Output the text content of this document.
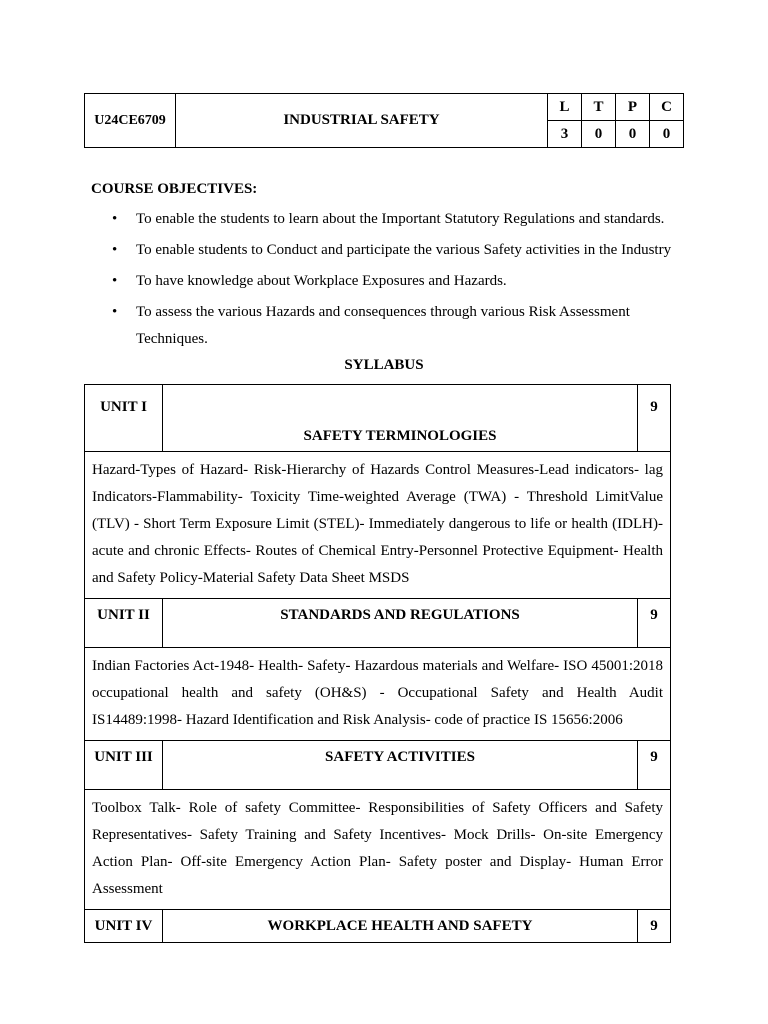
U24CE6709	INDUSTRIAL SAFETY	L	T	P	C
		3	0	0	0
COURSE OBJECTIVES:
• To enable the students to learn about the Important Statutory Regulations and standards.
• To enable students to Conduct and participate the various Safety activities in the Industry
• To have knowledge about Workplace Exposures and Hazards.
• To assess the various Hazards and consequences through various Risk Assessment Techniques.
SYLLABUS
UNIT I	SAFETY TERMINOLOGIES	9
Hazard-Types of Hazard- Risk-Hierarchy of Hazards Control Measures-Lead indicators- lag Indicators-Flammability- Toxicity Time-weighted Average (TWA) - Threshold LimitValue (TLV) - Short Term Exposure Limit (STEL)- Immediately dangerous to life or health (IDLH)- acute and chronic Effects- Routes of Chemical Entry-Personnel Protective Equipment- Health and Safety Policy-Material Safety Data Sheet MSDS		
UNIT II	STANDARDS AND REGULATIONS	9
Indian Factories Act-1948- Health- Safety- Hazardous materials and Welfare- ISO 45001:2018 occupational health and safety (OH&S) - Occupational Safety and Health Audit IS14489:1998- Hazard Identification and Risk Analysis- code of practice IS 15656:2006		
UNIT III	SAFETY ACTIVITIES	9
Toolbox Talk- Role of safety Committee- Responsibilities of Safety Officers and Safety Representatives- Safety Training and Safety Incentives- Mock Drills- On-site Emergency Action Plan- Off-site Emergency Action Plan- Safety poster and Display- Human Error Assessment		
UNIT IV	WORKPLACE HEALTH AND SAFETY	9
